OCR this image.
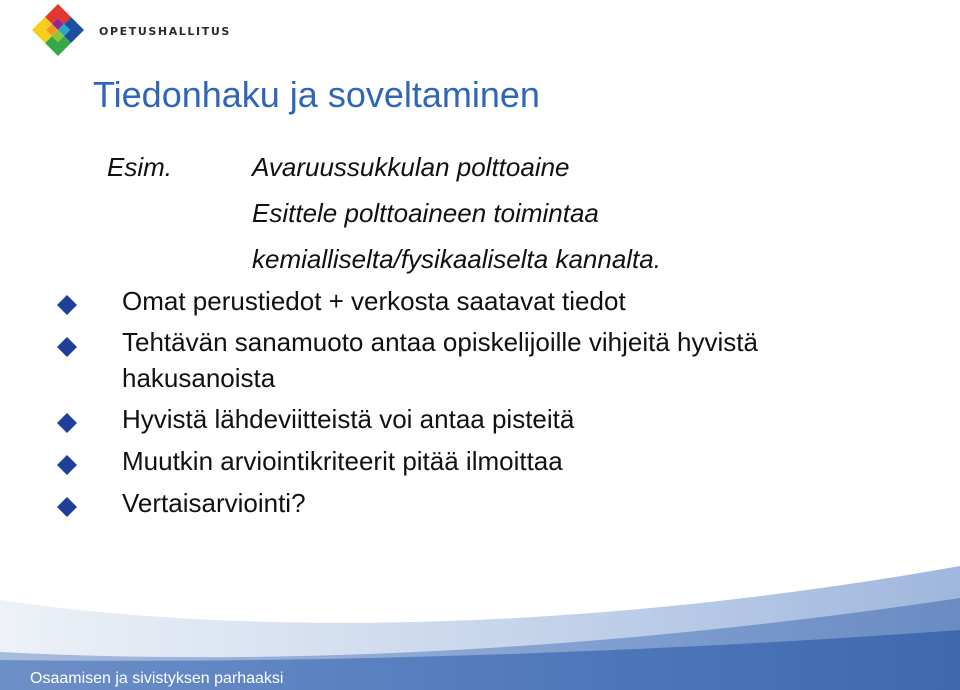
OPETUSHALLITUS
Tiedonhaku ja soveltaminen
Esim.	Avaruussukkulan polttoaine
Esittele polttoaineen toimintaa
kemialliselta/fysikaaliselta kannalta.
Omat perustiedot + verkosta saatavat tiedot
Tehtävän sanamuoto antaa opiskelijoille vihjeitä hyvistä hakusanoista
Hyvistä lähdeviitteistä voi antaa pisteitä
Muutkin arviointikriteerit pitää ilmoittaa
Vertaisarviointi?
Osaamisen ja sivistyksen parhaaksi
